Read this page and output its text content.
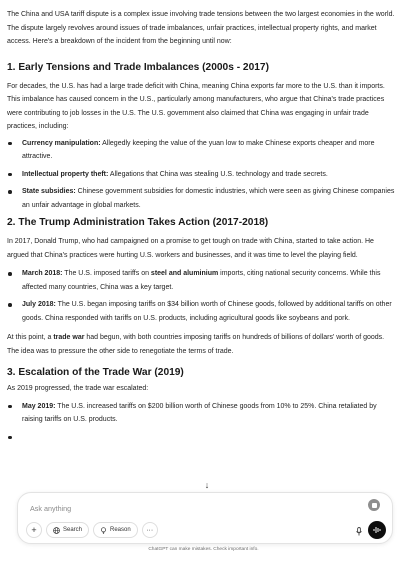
The China and USA tariff dispute is a complex issue involving trade tensions between the two largest economies in the world. The dispute largely revolves around issues of trade imbalances, unfair practices, intellectual property rights, and market access. Here's a breakdown of the incident from the beginning until now:

1. Early Tensions and Trade Imbalances (2000s - 2017)

For decades, the U.S. has had a large trade deficit with China, meaning China exports far more to the U.S. than it imports. This imbalance has caused concern in the U.S., particularly among manufacturers, who argue that China's trade practices were contributing to job losses in the U.S. The U.S. government also claimed that China was engaging in unfair trade practices, including:

Currency manipulation: Allegedly keeping the value of the yuan low to make Chinese exports cheaper and more attractive.
Intellectual property theft: Allegations that China was stealing U.S. technology and trade secrets.
State subsidies: Chinese government subsidies for domestic industries, which were seen as giving Chinese companies an unfair advantage in global markets.
2. The Trump Administration Takes Action (2017-2018)

In 2017, Donald Trump, who had campaigned on a promise to get tough on trade with China, started to take action. He argued that China's practices were hurting U.S. workers and businesses, and it was time to level the playing field.

March 2018: The U.S. imposed tariffs on steel and aluminium imports, citing national security concerns. While this affected many countries, China was a key target.
July 2018: The U.S. began imposing tariffs on $34 billion worth of Chinese goods, followed by additional tariffs on other goods. China responded with tariffs on U.S. products, including agricultural goods like soybeans and pork.

At this point, a trade war had begun, with both countries imposing tariffs on hundreds of billions of dollars' worth of goods. The idea was to pressure the other side to renegotiate the terms of trade.

3. Escalation of the Trade War (2019)

As 2019 progressed, the trade war escalated:

May 2019: The U.S. increased tariffs on $200 billion worth of Chinese goods from 10% to 25%. China retaliated by raising tariffs on U.S. products.
↓
Ask anything
+	Search	Reason ···
ChatGPT can make mistakes. Check important info.
